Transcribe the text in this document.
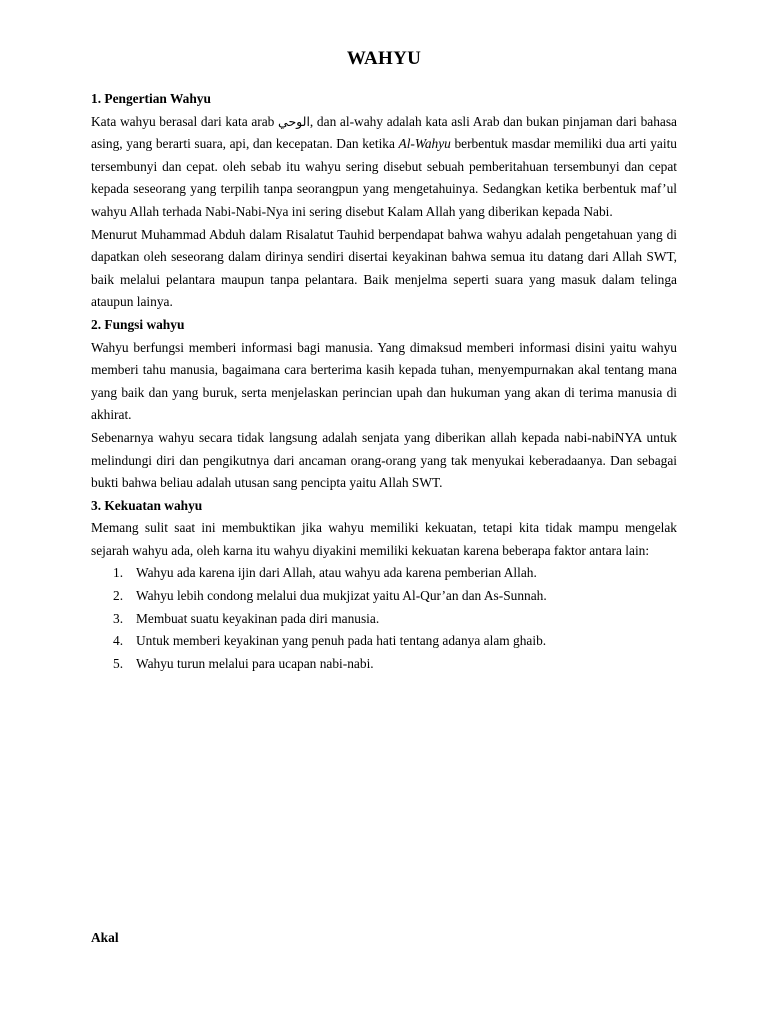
WAHYU

1. Pengertian Wahyu

Kata wahyu berasal dari kata arab الوحي, dan al-wahy adalah kata asli Arab dan bukan pinjaman dari bahasa asing, yang berarti suara, api, dan kecepatan. Dan ketika Al-Wahyu berbentuk masdar memiliki dua arti yaitu tersembunyi dan cepat. oleh sebab itu wahyu sering disebut sebuah pemberitahuan tersembunyi dan cepat kepada seseorang yang terpilih tanpa seorangpun yang mengetahuinya. Sedangkan ketika berbentuk maf’ul wahyu Allah terhada Nabi-Nabi-Nya ini sering disebut Kalam Allah yang diberikan kepada Nabi.

Menurut Muhammad Abduh dalam Risalatut Tauhid berpendapat bahwa wahyu adalah pengetahuan yang di dapatkan oleh seseorang dalam dirinya sendiri disertai keyakinan bahwa semua itu datang dari Allah SWT, baik melalui pelantara maupun tanpa pelantara. Baik menjelma seperti suara yang masuk dalam telinga ataupun lainya.

2. Fungsi wahyu

Wahyu berfungsi memberi informasi bagi manusia. Yang dimaksud memberi informasi disini yaitu wahyu memberi tahu manusia, bagaimana cara berterima kasih kepada tuhan, menyempurnakan akal tentang mana yang baik dan yang buruk, serta menjelaskan perincian upah dan hukuman yang akan di terima manusia di akhirat.

Sebenarnya wahyu secara tidak langsung adalah senjata yang diberikan allah kepada nabi-nabiNYA untuk melindungi diri dan pengikutnya dari ancaman orang-orang yang tak menyukai keberadaanya. Dan sebagai bukti bahwa beliau adalah utusan sang pencipta yaitu Allah SWT.

3. Kekuatan wahyu

Memang sulit saat ini membuktikan jika wahyu memiliki kekuatan, tetapi kita tidak mampu mengelak sejarah wahyu ada, oleh karna itu wahyu diyakini memiliki kekuatan karena beberapa faktor antara lain:

1. Wahyu ada karena ijin dari Allah, atau wahyu ada karena pemberian Allah.
2. Wahyu lebih condong melalui dua mukjizat yaitu Al-Qur’an dan As-Sunnah.
3. Membuat suatu keyakinan pada diri manusia.
4. Untuk memberi keyakinan yang penuh pada hati tentang adanya alam ghaib.
5. Wahyu turun melalui para ucapan nabi-nabi.
Akal
